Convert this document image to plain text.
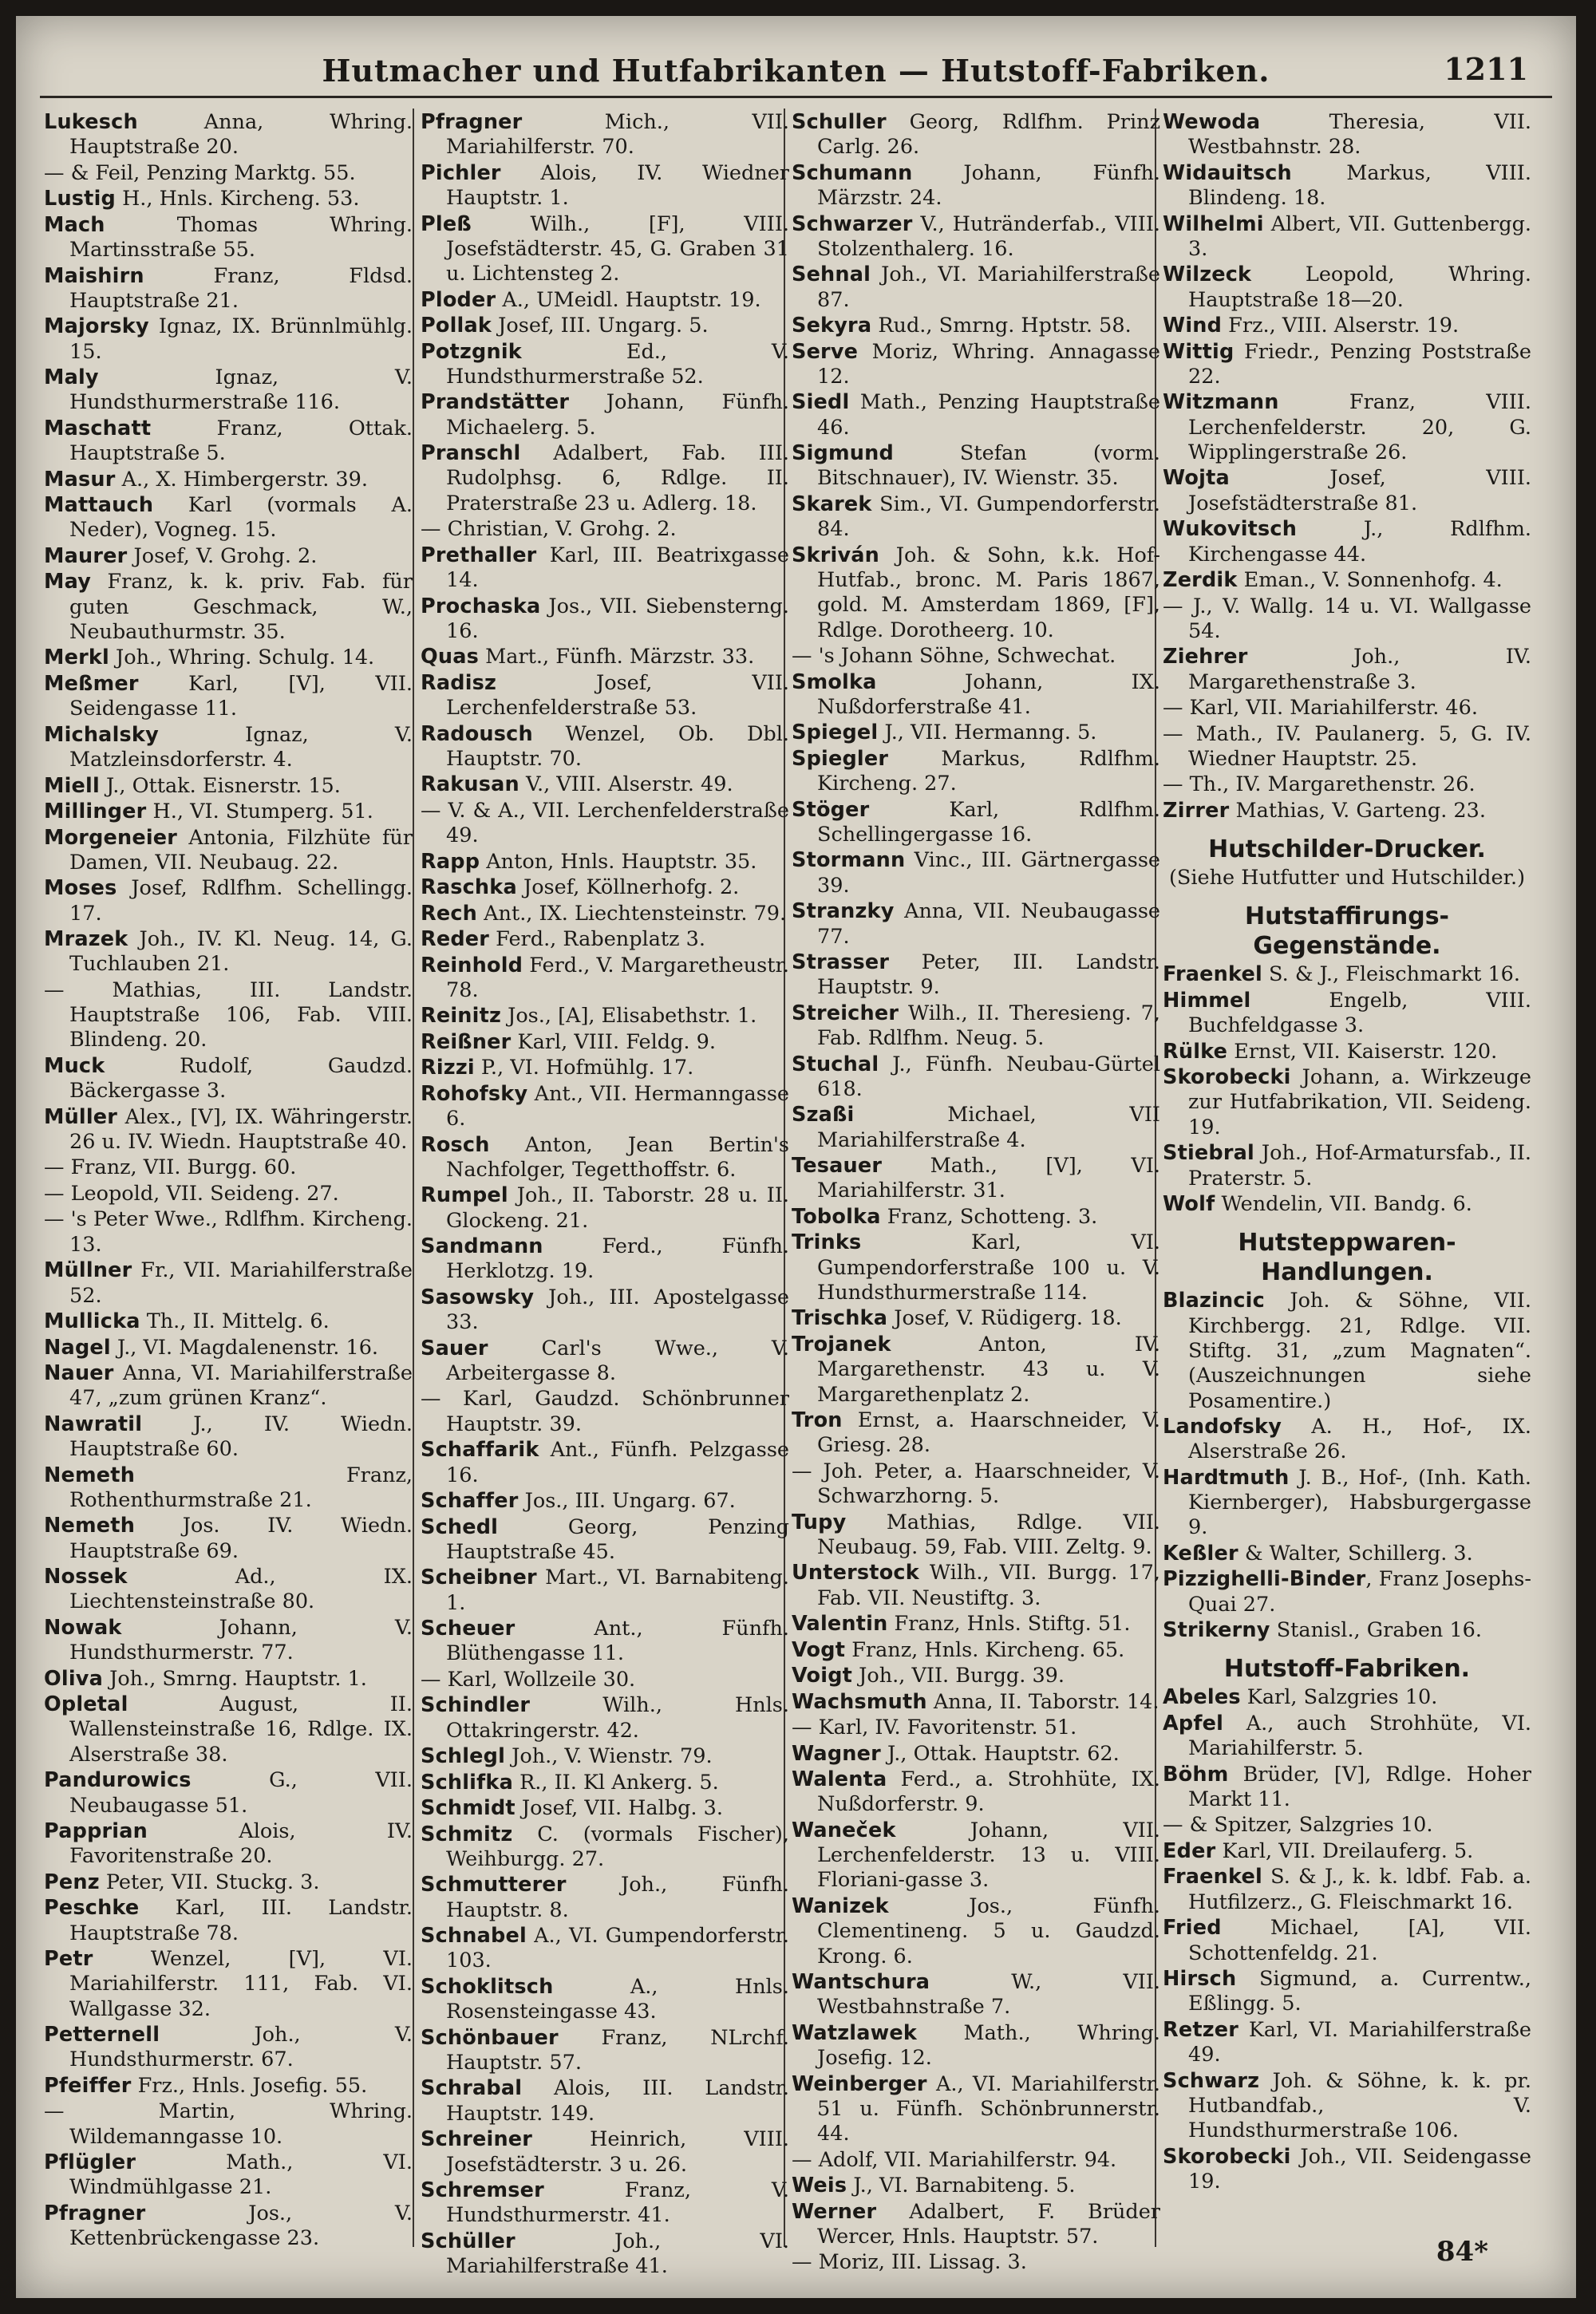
Hutmacher und Hutfabrikanten — Hutstoff-Fabriken.	1211
Lukesch Anna, Whring. Hauptstraße 20.
— & Feil, Penzing Marktg. 55.
Lustig H., Hnls. Kircheng. 53.
Mach Thomas Whring. Martinsstraße 55.
Maishirn Franz, Fldsd. Hauptstraße 21.
Majorsky Ignaz, IX. Brünnlmühlg. 15.
Maly Ignaz, V. Hundsthurmerstraße 116.
Maschatt Franz, Ottak. Hauptstraße 5.
Masur A., X. Himbergerstr. 39.
Mattauch Karl (vormals A. Neder), Vogneg. 15.
Maurer Josef, V. Grohg. 2.
May Franz, k. k. priv. Fab. für guten Geschmack, W., Neubauthurmstr. 35.
Merkl Joh., Whring. Schulg. 14.
Meßmer Karl, [V], VII. Seidengasse 11.
Michalsky Ignaz, V. Matzleinsdorferstr. 4.
Miell J., Ottak. Eisnerstr. 15.
Millinger H., VI. Stumperg. 51.
Morgeneier Antonia, Filzhüte für Damen, VII. Neubaug. 22.
Moses Josef, Rdlfhm. Schellingg. 17.
Mrazek Joh., IV. Kl. Neug. 14, G. Tuchlauben 21.
— Mathias, III. Landstr. Hauptstraße 106, Fab. VIII. Blindeng. 20.
Muck Rudolf, Gaudzd. Bäckergasse 3.
Müller Alex., [V], IX. Währingerstr. 26 u. IV. Wiedn. Hauptstraße 40.
— Franz, VII. Burgg. 60.
— Leopold, VII. Seideng. 27.
— 's Peter Wwe., Rdlfhm. Kircheng. 13.
Müllner Fr., VII. Mariahilferstraße 52.
Mullicka Th., II. Mittelg. 6.
Nagel J., VI. Magdalenenstr. 16.
Nauer Anna, VI. Mariahilferstraße 47, „zum grünen Kranz“.
Nawratil J., IV. Wiedn. Hauptstraße 60.
Nemeth Franz, Rothenthurmstraße 21.
Nemeth Jos. IV. Wiedn. Hauptstraße 69.
Nossek Ad., IX. Liechtensteinstraße 80.
Nowak Johann, V. Hundsthurmerstr. 77.
Oliva Joh., Smrng. Hauptstr. 1.
Opletal August, II. Wallensteinstraße 16, Rdlge. IX. Alserstraße 38.
Pandurowics G., VII. Neubaugasse 51.
Papprian Alois, IV. Favoritenstraße 20.
Penz Peter, VII. Stuckg. 3.
Peschke Karl, III. Landstr. Hauptstraße 78.
Petr Wenzel, [V], VI. Mariahilferstr. 111, Fab. VI. Wallgasse 32.
Petternell Joh., V. Hundsthurmerstr. 67.
Pfeiffer Frz., Hnls. Josefig. 55.
— Martin, Whring. Wildemanngasse 10.
Pflügler Math., VI. Windmühlgasse 21.
Pfragner Jos., V. Kettenbrückengasse 23.
Pfragner Mich., VII. Mariahilferstr. 70.
Pichler Alois, IV. Wiedner Hauptstr. 1.
Pleß Wilh., [F], VIII. Josefstädterstr. 45, G. Graben 31 u. Lichtensteg 2.
Ploder A., UMeidl. Hauptstr. 19.
Pollak Josef, III. Ungarg. 5.
Potzgnik Ed., V. Hundsthurmerstraße 52.
Prandstätter Johann, Fünfh. Michaelerg. 5.
Pranschl Adalbert, Fab. III. Rudolphsg. 6, Rdlge. II. Praterstraße 23 u. Adlerg. 18.
— Christian, V. Grohg. 2.
Prethaller Karl, III. Beatrixgasse 14.
Prochaska Jos., VII. Siebensterng. 16.
Quas Mart., Fünfh. Märzstr. 33.
Radisz Josef, VII. Lerchenfelderstraße 53.
Radousch Wenzel, Ob. Dbl. Hauptstr. 70.
Rakusan V., VIII. Alserstr. 49.
— V. & A., VII. Lerchenfelderstraße 49.
Rapp Anton, Hnls. Hauptstr. 35.
Raschka Josef, Köllnerhofg. 2.
Rech Ant., IX. Liechtensteinstr. 79.
Reder Ferd., Rabenplatz 3.
Reinhold Ferd., V. Margaretheustr. 78.
Reinitz Jos., [A], Elisabethstr. 1.
Reißner Karl, VIII. Feldg. 9.
Rizzi P., VI. Hofmühlg. 17.
Rohofsky Ant., VII. Hermanngasse 6.
Rosch Anton, Jean Bertin's Nachfolger, Tegetthoffstr. 6.
Rumpel Joh., II. Taborstr. 28 u. II. Glockeng. 21.
Sandmann Ferd., Fünfh. Herklotzg. 19.
Sasowsky Joh., III. Apostelgasse 33.
Sauer Carl's Wwe., V. Arbeitergasse 8.
— Karl, Gaudzd. Schönbrunner Hauptstr. 39.
Schaffarik Ant., Fünfh. Pelzgasse 16.
Schaffer Jos., III. Ungarg. 67.
Schedl Georg, Penzing Hauptstraße 45.
Scheibner Mart., VI. Barnabiteng. 1.
Scheuer Ant., Fünfh. Blüthengasse 11.
— Karl, Wollzeile 30.
Schindler Wilh., Hnls. Ottakringerstr. 42.
Schlegl Joh., V. Wienstr. 79.
Schlifka R., II. Kl Ankerg. 5.
Schmidt Josef, VII. Halbg. 3.
Schmitz C. (vormals Fischer), Weihburgg. 27.
Schmutterer Joh., Fünfh. Hauptstr. 8.
Schnabel A., VI. Gumpendorferstr. 103.
Schoklitsch A., Hnls. Rosensteingasse 43.
Schönbauer Franz, NLrchf. Hauptstr. 57.
Schrabal Alois, III. Landstr. Hauptstr. 149.
Schreiner Heinrich, VIII. Josefstädterstr. 3 u. 26.
Schremser Franz, V. Hundsthurmerstr. 41.
Schüller Joh., VI. Mariahilferstraße 41.
Schuller Georg, Rdlfhm. Prinz Carlg. 26.
Schumann Johann, Fünfh. Märzstr. 24.
Schwarzer V., Hutränderfab., VIII. Stolzenthalerg. 16.
Sehnal Joh., VI. Mariahilferstraße 87.
Sekyra Rud., Smrng. Hptstr. 58.
Serve Moriz, Whring. Annagasse 12.
Siedl Math., Penzing Hauptstraße 46.
Sigmund Stefan (vorm. Bitschnauer), IV. Wienstr. 35.
Skarek Sim., VI. Gumpendorferstr. 84.
Skriván Joh. & Sohn, k.k. Hof-Hutfab., bronc. M. Paris 1867, gold. M. Amsterdam 1869, [F], Rdlge. Dorotheerg. 10.
— 's Johann Söhne, Schwechat.
Smolka Johann, IX. Nußdorferstraße 41.
Spiegel J., VII. Hermanng. 5.
Spiegler Markus, Rdlfhm. Kircheng. 27.
Stöger Karl, Rdlfhm. Schellingergasse 16.
Stormann Vinc., III. Gärtnergasse 39.
Stranzky Anna, VII. Neubaugasse 77.
Strasser Peter, III. Landstr. Hauptstr. 9.
Streicher Wilh., II. Theresieng. 7, Fab. Rdlfhm. Neug. 5.
Stuchal J., Fünfh. Neubau-Gürtel 618.
Szaßi Michael, VII Mariahilferstraße 4.
Tesauer Math., [V], VI. Mariahilferstr. 31.
Tobolka Franz, Schotteng. 3.
Trinks Karl, VI. Gumpendorferstraße 100 u. V. Hundsthurmerstraße 114.
Trischka Josef, V. Rüdigerg. 18.
Trojanek Anton, IV. Margarethenstr. 43 u. V. Margarethenplatz 2.
Tron Ernst, a. Haarschneider, V. Griesg. 28.
— Joh. Peter, a. Haarschneider, V. Schwarzhorng. 5.
Tupy Mathias, Rdlge. VII. Neubaug. 59, Fab. VIII. Zeltg. 9.
Unterstock Wilh., VII. Burgg. 17, Fab. VII. Neustiftg. 3.
Valentin Franz, Hnls. Stiftg. 51.
Vogt Franz, Hnls. Kircheng. 65.
Voigt Joh., VII. Burgg. 39.
Wachsmuth Anna, II. Taborstr. 14.
— Karl, IV. Favoritenstr. 51.
Wagner J., Ottak. Hauptstr. 62.
Walenta Ferd., a. Strohhüte, IX. Nußdorferstr. 9.
Waneček Johann, VII. Lerchenfelderstr. 13 u. VIII. Floriani-gasse 3.
Wanizek Jos., Fünfh. Clementineng. 5 u. Gaudzd. Krong. 6.
Wantschura W., VII. Westbahnstraße 7.
Watzlawek Math., Whring. Josefig. 12.
Weinberger A., VI. Mariahilferstr. 51 u. Fünfh. Schönbrunnerstr. 44.
— Adolf, VII. Mariahilferstr. 94.
Weis J., VI. Barnabiteng. 5.
Werner Adalbert, F. Brüder Wercer, Hnls. Hauptstr. 57.
— Moriz, III. Lissag. 3.
Wewoda Theresia, VII. Westbahnstr. 28.
Widauitsch Markus, VIII. Blindeng. 18.
Wilhelmi Albert, VII. Guttenbergg. 3.
Wilzeck Leopold, Whring. Hauptstraße 18—20.
Wind Frz., VIII. Alserstr. 19.
Wittig Friedr., Penzing Poststraße 22.
Witzmann Franz, VIII. Lerchenfelderstr. 20, G. Wipplingerstraße 26.
Wojta Josef, VIII. Josefstädterstraße 81.
Wukovitsch J., Rdlfhm. Kirchengasse 44.
Zerdik Eman., V. Sonnenhofg. 4.
— J., V. Wallg. 14 u. VI. Wallgasse 54.
Ziehrer Joh., IV. Margarethenstraße 3.
— Karl, VII. Mariahilferstr. 46.
— Math., IV. Paulanerg. 5, G. IV. Wiedner Hauptstr. 25.
— Th., IV. Margarethenstr. 26.
Zirrer Mathias, V. Garteng. 23.
Hutschilder-Drucker.
(Siehe Hutfutter und Hutschilder.)
Hutstaffirungs-Gegenstände.
Fraenkel S. & J., Fleischmarkt 16.
Himmel Engelb, VIII. Buchfeldgasse 3.
Rülke Ernst, VII. Kaiserstr. 120.
Skorobecki Johann, a. Wirkzeuge zur Hutfabrikation, VII. Seideng. 19.
Stiebral Joh., Hof-Armatursfab., II. Praterstr. 5.
Wolf Wendelin, VII. Bandg. 6.
Hutsteppwaren-Handlungen.
Blazincic Joh. & Söhne, VII. Kirchbergg. 21, Rdlge. VII. Stiftg. 31, „zum Magnaten“. (Auszeichnungen siehe Posamentire.)
Landofsky A. H., Hof-, IX. Alserstraße 26.
Hardtmuth J. B., Hof-, (Inh. Kath. Kiernberger), Habsburgergasse 9.
Keßler & Walter, Schillerg. 3.
Pizzighelli-Binder, Franz Josephs-Quai 27.
Strikerny Stanisl., Graben 16.
Hutstoff-Fabriken.
Abeles Karl, Salzgries 10.
Apfel A., auch Strohhüte, VI. Mariahilferstr. 5.
Böhm Brüder, [V], Rdlge. Hoher Markt 11.
— & Spitzer, Salzgries 10.
Eder Karl, VII. Dreilauferg. 5.
Fraenkel S. & J., k. k. ldbf. Fab. a. Hutfilzerz., G. Fleischmarkt 16.
Fried Michael, [A], VII. Schottenfeldg. 21.
Hirsch Sigmund, a. Currentw., Eßlingg. 5.
Retzer Karl, VI. Mariahilferstraße 49.
Schwarz Joh. & Söhne, k. k. pr. Hutbandfab., V. Hundsthurmerstraße 106.
Skorobecki Joh., VII. Seidengasse 19.
84*
